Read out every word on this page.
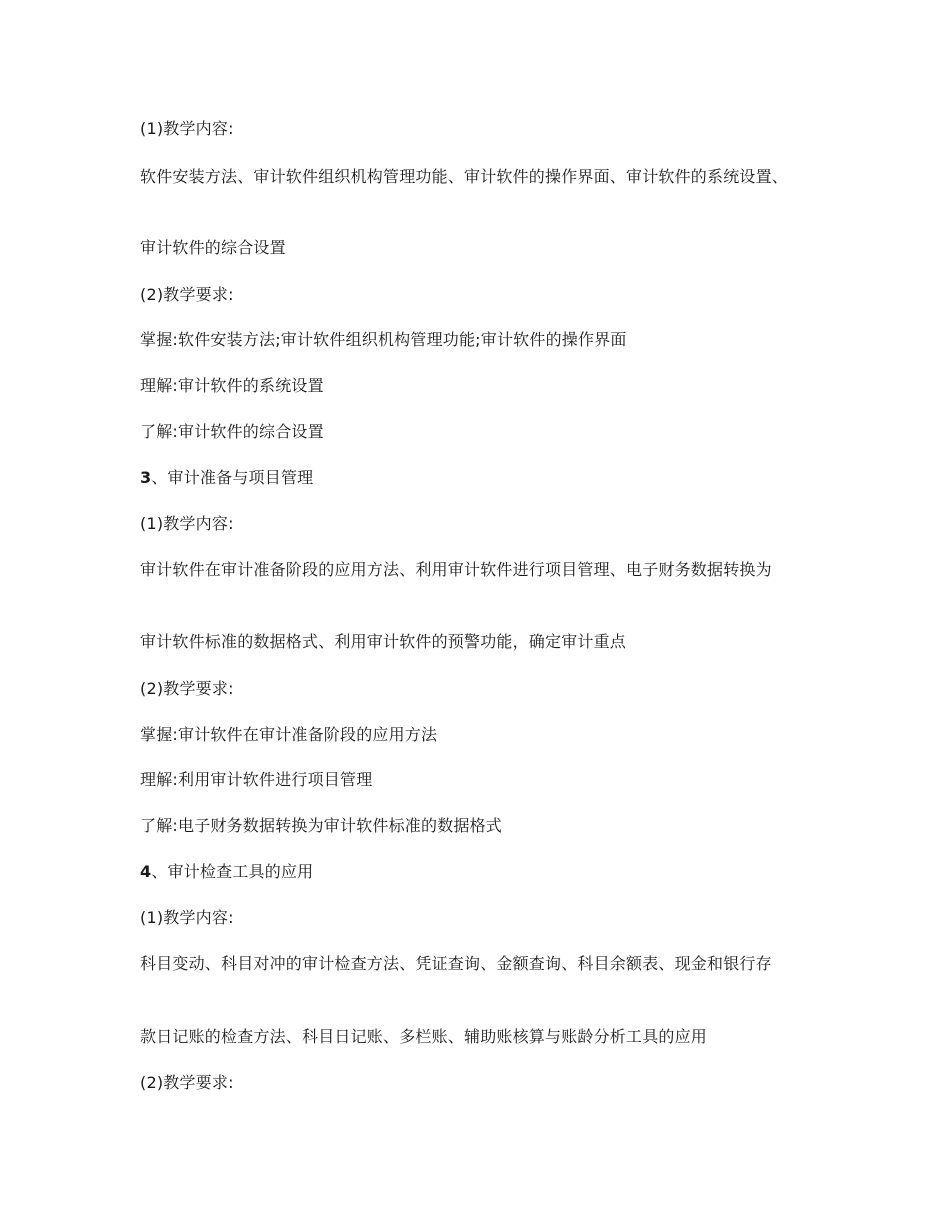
(1)教学内容:
软件安装方法、审计软件组织机构管理功能、审计软件的操作界面、审计软件的系统设置、
审计软件的综合设置
(2)教学要求:
掌握:软件安装方法;审计软件组织机构管理功能;审计软件的操作界面
理解:审计软件的系统设置
了解:审计软件的综合设置
3、审计准备与项目管理
(1)教学内容:
审计软件在审计准备阶段的应用方法、利用审计软件进行项目管理、电子财务数据转换为
审计软件标准的数据格式、利用审计软件的预警功能，确定审计重点
(2)教学要求:
掌握:审计软件在审计准备阶段的应用方法
理解:利用审计软件进行项目管理
了解:电子财务数据转换为审计软件标准的数据格式
4、审计检查工具的应用
(1)教学内容:
科目变动、科目对冲的审计检查方法、凭证查询、金额查询、科目余额表、现金和银行存
款日记账的检查方法、科目日记账、多栏账、辅助账核算与账龄分析工具的应用
(2)教学要求:
